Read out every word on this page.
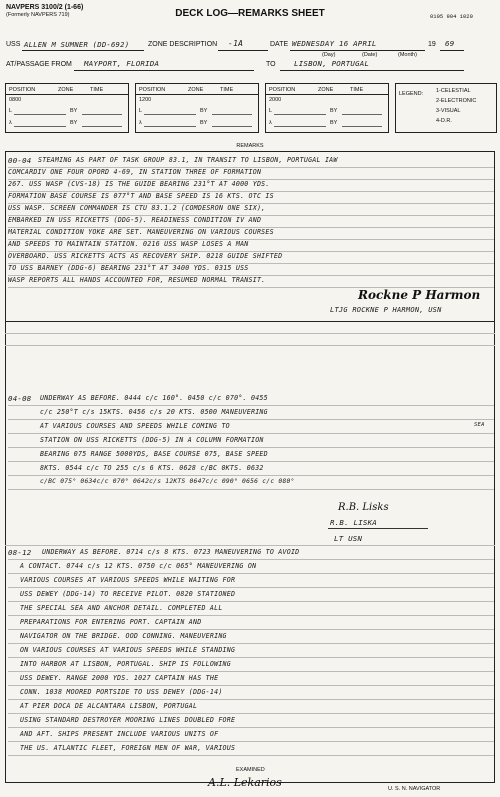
NAVPERS 3100/2 (1-66)
(Formerly NAVPERS 719)	DECK LOG—REMARKS SHEET	0105 904 1020
USS ALLEN M SUMNER (DD-692)	ZONE DESCRIPTION -1A	DATE WEDNESDAY 16 APRIL	19 69
(Day)	(Date)	(Month)
AT/PASSAGE FROM MAYPORT, FLORIDA	TO LISBON, PORTUGAL
POSITION	ZONE	TIME
0800
L	BY
λ	BY
POSITION	ZONE	TIME
1200
L	BY
λ	BY
POSITION	ZONE	TIME
2000
L	BY
λ	BY
LEGEND: 1-CELESTIAL
2-ELECTRONIC
3-VISUAL
4-D.R.
REMARKS
00-04 STEAMING AS PART OF TASK GROUP 83.1, IN TRANSIT TO LISBON, PORTUGAL IAW
COMCARDIV ONE FOUR OPORD 4-69, IN STATION THREE OF FORMATION
267. USS WASP (CVS-18) IS THE GUIDE BEARING 231°T AT 4000 YDS.
FORMATION BASE COURSE IS 077°T AND BASE SPEED IS 16 KTS. OTC IS
USS WASP. SCREEN COMMANDER IS CTU 83.1.2 (COMDESRON ONE SIX),
EMBARKED IN USS RICKETTS (DDG-5). READINESS CONDITION IV AND
MATERIAL CONDITION YOKE ARE SET. MANEUVERING ON VARIOUS COURSES
AND SPEEDS TO MAINTAIN STATION. 0216 USS WASP LOSES A MAN
OVERBOARD. USS RICKETTS ACTS AS RECOVERY SHIP. 0218 GUIDE SHIFTED
TO USS BARNEY (DDG-6) BEARING 231°T AT 3400 YDS. 0315 USS
WASP REPORTS ALL HANDS ACCOUNTED FOR, RESUMED NORMAL TRANSIT.
Rockne P Harmon
LTJG ROCKNE P HARMON, USN
04-08 UNDERWAY AS BEFORE. 0444 c/c 160°. 0450 c/c 070°. 0455
c/c 250°T c/s 15KTS. 0456 c/s 20 KTS. 0500 MANEUVERING
AT VARIOUS COURSES AND SPEEDS WHILE COMING TO	SEA
STATION ON USS RICKETTS (DDG-5) IN A COLUMN FORMATION
BEARING 075 RANGE 5000YDS, BASE COURSE 075, BASE SPEED
8KTS. 0544 c/c TO 255 c/s 6 KTS. 0628 c/BC 0KTS. 0632
c/BC 075° 0634c/c 070° 0642c/s 12KTS 0647c/c 090° 0656 c/c 080°
R.B. Lisks
R.B. LISKA
LT USN
08-12 UNDERWAY AS BEFORE. 0714 c/s 8 KTS. 0723 MANEUVERING TO AVOID
A CONTACT. 0744 c/s 12 KTS. 0750 c/c 065° MANEUVERING ON
VARIOUS COURSES AT VARIOUS SPEEDS WHILE WAITING FOR
USS DEWEY (DDG-14) TO RECEIVE PILOT. 0820 STATIONED
THE SPECIAL SEA AND ANCHOR DETAIL. COMPLETED ALL
PREPARATIONS FOR ENTERING PORT. CAPTAIN AND
NAVIGATOR ON THE BRIDGE. OOD CONNING. MANEUVERING
ON VARIOUS COURSES AT VARIOUS SPEEDS WHILE STANDING
INTO HARBOR AT LISBON, PORTUGAL. SHIP IS FOLLOWING
USS DEWEY. RANGE 2000 YDS. 1027 CAPTAIN HAS THE
CONN. 1038 MOORED PORTSIDE TO USS DEWEY (DDG-14)
AT PIER DOCA DE ALCANTARA LISBON, PORTUGAL
USING STANDARD DESTROYER MOORING LINES DOUBLED FORE
AND AFT. SHIPS PRESENT INCLUDE VARIOUS UNITS OF
THE US. ATLANTIC FLEET, FOREIGN MEN OF WAR, VARIOUS
EXAMINED
A.L. Lekarios	U. S. N. NAVIGATOR
